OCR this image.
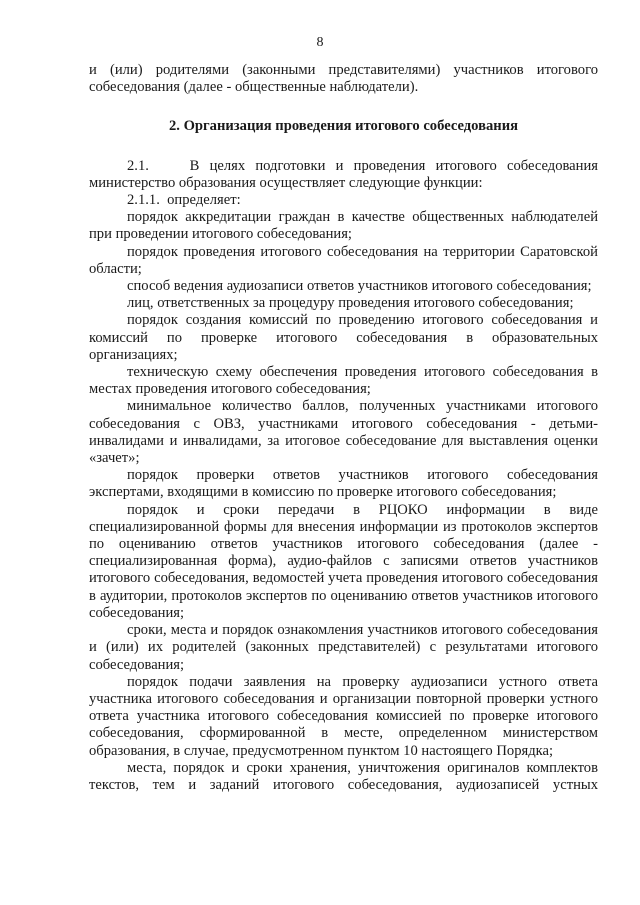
8

и (или) родителями (законными представителями) участников итогового собеседования (далее - общественные наблюдатели).

2. Организация проведения итогового собеседования

2.1.    В целях подготовки и проведения итогового собеседования министерство образования осуществляет следующие функции:

2.1.1.  определяет:

порядок аккредитации граждан в качестве общественных наблюдателей при проведении итогового собеседования;

порядок проведения итогового собеседования на территории Саратовской области;

способ ведения аудиозаписи ответов участников итогового собеседования;

лиц, ответственных за процедуру проведения итогового собеседования;

порядок создания комиссий по проведению итогового собеседования и комиссий по проверке итогового собеседования в образовательных организациях;

техническую схему обеспечения проведения итогового собеседования в местах проведения итогового собеседования;

минимальное количество баллов, полученных участниками итогового собеседования с ОВЗ, участниками итогового собеседования - детьми-инвалидами и инвалидами, за итоговое собеседование для выставления оценки «зачет»;

порядок проверки ответов участников итогового собеседования экспертами, входящими в комиссию по проверке итогового собеседования;

порядок и сроки передачи в РЦОКО информации в виде специализированной формы для внесения информации из протоколов экспертов по оцениванию ответов участников итогового собеседования (далее - специализированная форма), аудио-файлов с записями ответов участников итогового собеседования, ведомостей учета проведения итогового собеседования в аудитории, протоколов экспертов по оцениванию ответов участников итогового собеседования;

сроки, места и порядок ознакомления участников итогового собеседования и (или) их родителей (законных представителей) с результатами итогового собеседования;

порядок подачи заявления на проверку аудиозаписи устного ответа участника итогового собеседования и организации повторной проверки устного ответа участника итогового собеседования комиссией по проверке итогового собеседования, сформированной в месте, определенном министерством образования, в случае, предусмотренном пунктом 10 настоящего Порядка;

места, порядок и сроки хранения, уничтожения оригиналов комплектов текстов, тем и заданий итогового собеседования, аудиозаписей устных
